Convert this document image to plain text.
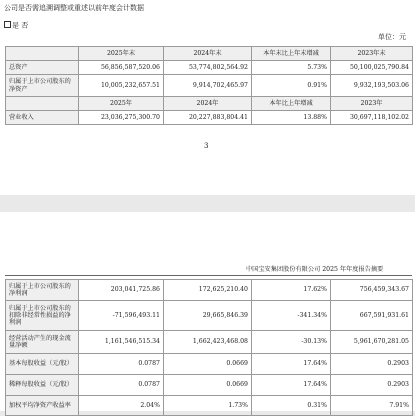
公司是否需追溯调整或重述以前年度会计数据
是 否
单位：元
	2025年末	2024年末	本年末比上年末增减	2023年末
总资产	56,856,587,520.06	53,774,802,564.92	5.73%	50,100,025,790.84
归属于上市公司股东的净资产	10,005,232,657.51	9,914,702,465.97	0.91%	9,932,193,503.06
	2025年	2024年	本年比上年增减	2023年
营业收入	23,036,275,300.70	20,227,883,804.41	13.88%	30,697,118,102.02
3
中国宝安集团股份有限公司 2025 年年度报告摘要
归属于上市公司股东的净利润	203,041,725.86	172,625,210.40	17.62%	756,459,343.67
归属于上市公司股东的扣除非经常性损益的净利润	-71,596,493.11	29,665,846.39	-341.34%	667,591,931.61
经营活动产生的现金流量净额	1,161,546,515.34	1,662,423,468.08	-30.13%	5,961,670,281.05
基本每股收益（元/股）	0.0787	0.0669	17.64%	0.2903
稀释每股收益（元/股）	0.0787	0.0669	17.64%	0.2903
加权平均净资产收益率	2.04%	1.73%	0.31%	7.91%
